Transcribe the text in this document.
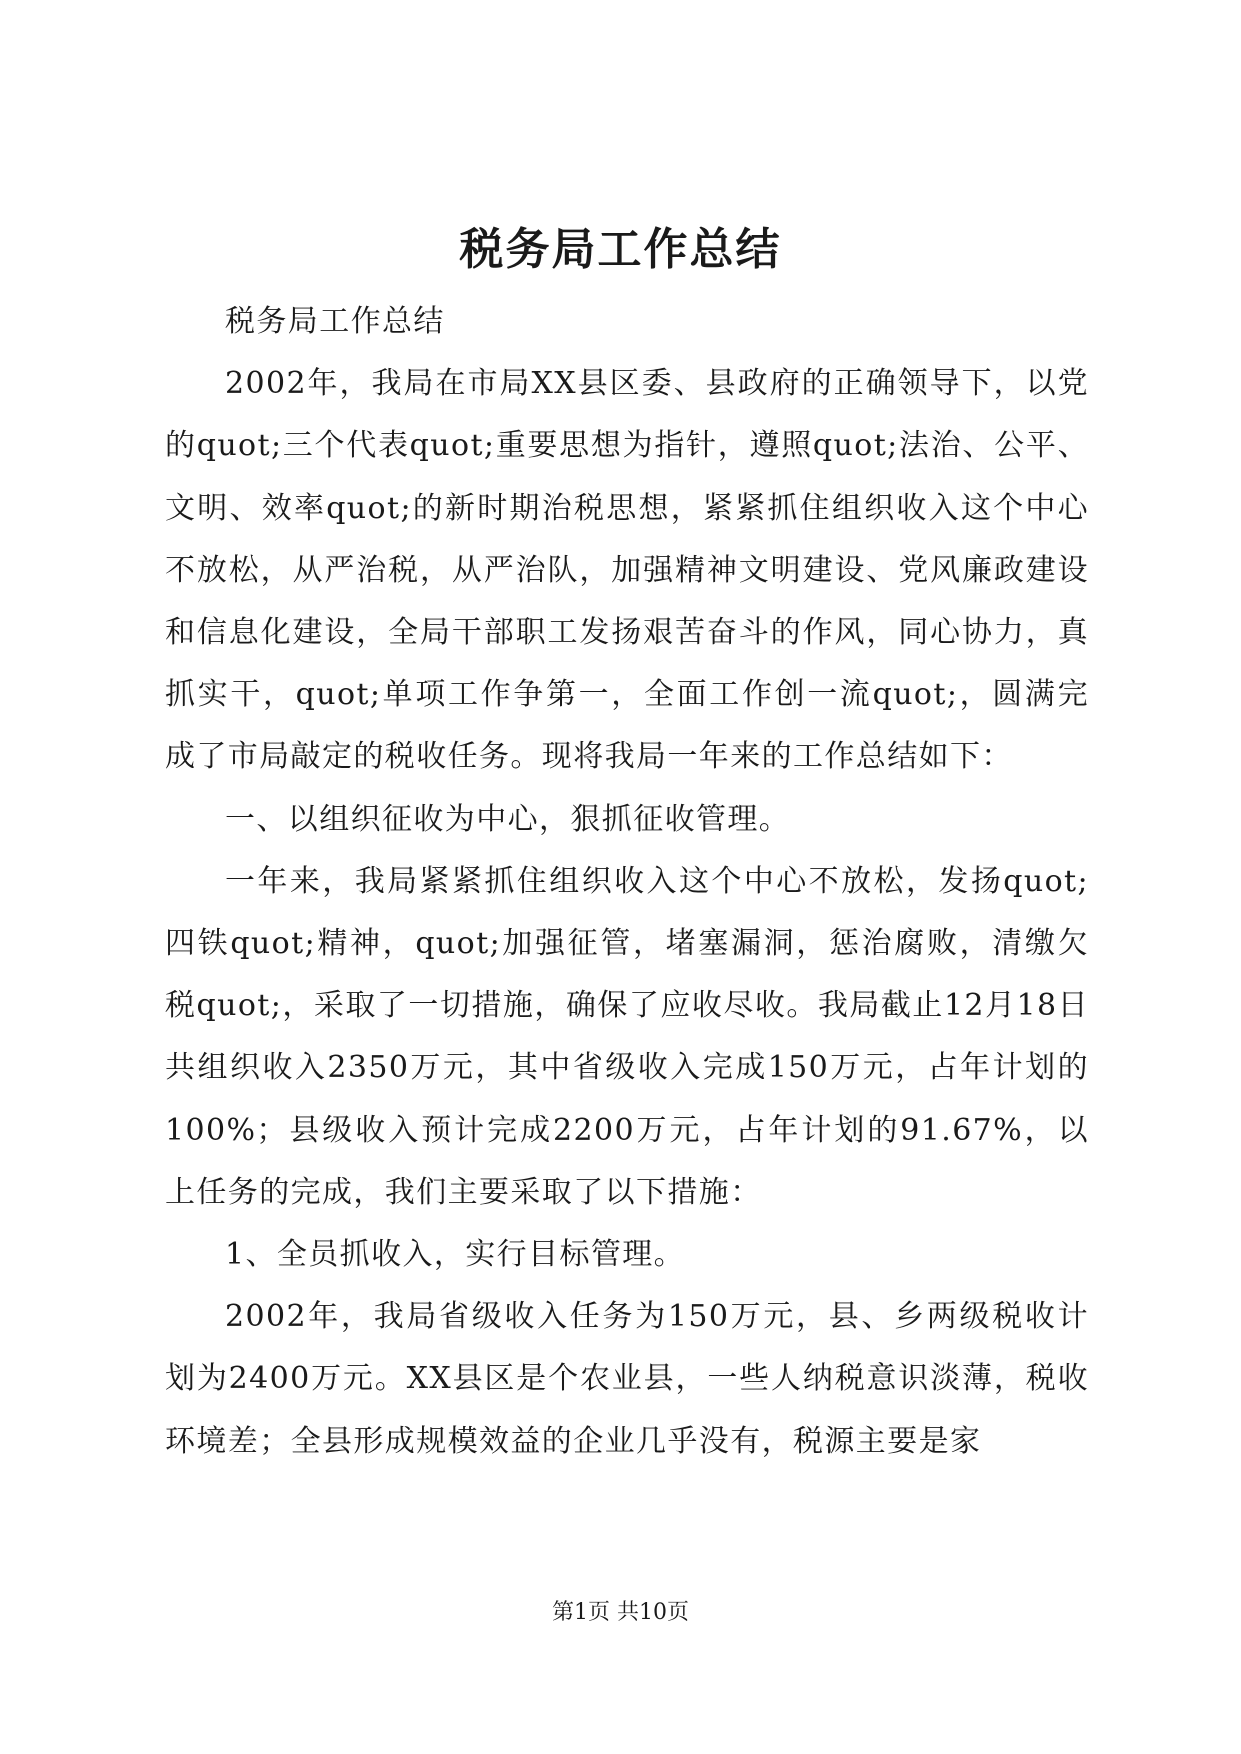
税务局工作总结

税务局工作总结

2002年，我局在市局XX县区委、县政府的正确领导下，以党的quot;三个代表quot;重要思想为指针，遵照quot;法治、公平、文明、效率quot;的新时期治税思想，紧紧抓住组织收入这个中心不放松，从严治税，从严治队，加强精神文明建设、党风廉政建设和信息化建设，全局干部职工发扬艰苦奋斗的作风，同心协力，真抓实干，quot;单项工作争第一，全面工作创一流quot;，圆满完成了市局敲定的税收任务。现将我局一年来的工作总结如下：

一、以组织征收为中心，狠抓征收管理。

一年来，我局紧紧抓住组织收入这个中心不放松，发扬quot;四铁quot;精神，quot;加强征管，堵塞漏洞，惩治腐败，清缴欠税quot;，采取了一切措施，确保了应收尽收。我局截止12月18日共组织收入2350万元，其中省级收入完成150万元，占年计划的100%；县级收入预计完成2200万元，占年计划的91.67%，以上任务的完成，我们主要采取了以下措施：

1、全员抓收入，实行目标管理。

2002年，我局省级收入任务为150万元，县、乡两级税收计划为2400万元。XX县区是个农业县，一些人纳税意识淡薄，税收环境差；全县形成规模效益的企业几乎没有，税源主要是家

第1页 共10页
